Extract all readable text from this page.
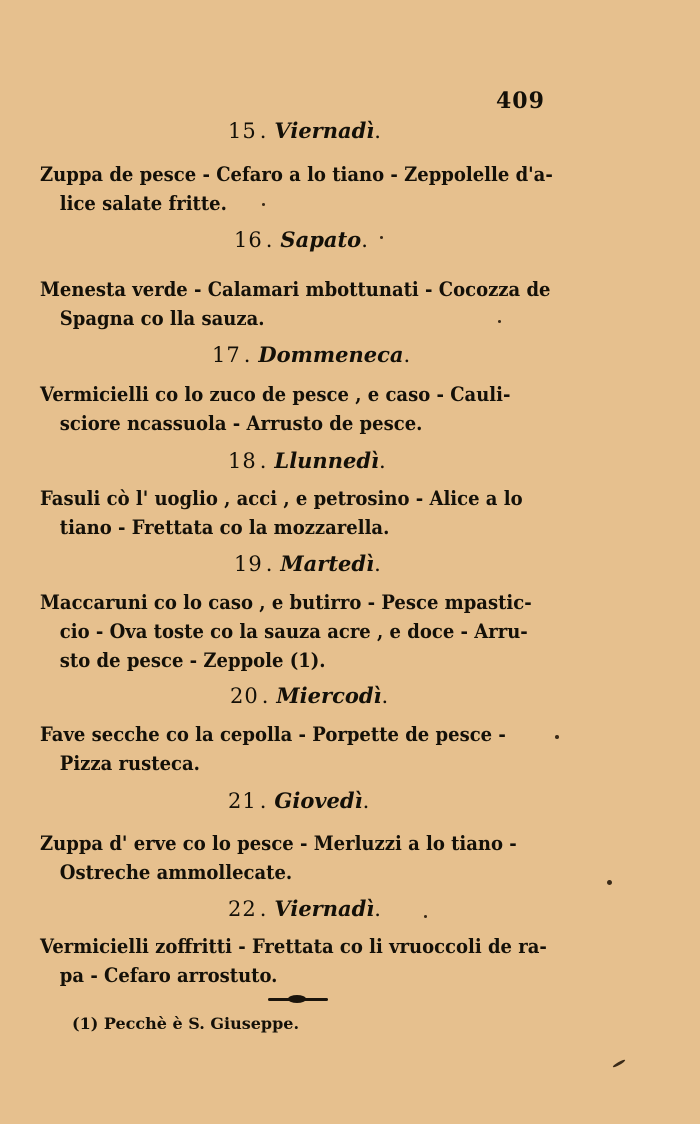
409
15 . Viernadì.
Zuppa de pesce - Cefaro a lo tiano - Zeppolelle d'a-
lice salate fritte.
16 . Sapato.
Menesta verde - Calamari mbottunati - Cocozza de
Spagna co lla sauza.
17 . Dommeneca.
Vermicielli co lo zuco de pesce , e caso - Cauli-
sciore ncassuola - Arrusto de pesce.
18 . Llunnedì.
Fasuli cò l' uoglio , acci , e petrosino - Alice a lo
tiano - Frettata co la mozzarella.
19 . Martedì.
Maccaruni co lo caso , e butirro - Pesce mpastic-
cio - Ova toste co la sauza acre , e doce - Arru-
sto de pesce - Zeppole (1).
20 . Miercodì.
Fave secche co la cepolla - Porpette de pesce -
Pizza rusteca.
21 . Giovedì.
Zuppa d' erve co lo pesce - Merluzzi a lo tiano -
Ostreche ammollecate.
22 . Viernadì.
Vermicielli zoffritti - Frettata co li vruoccoli de ra-
pa - Cefaro arrostuto.
(1) Pecchè è S. Giuseppe.
